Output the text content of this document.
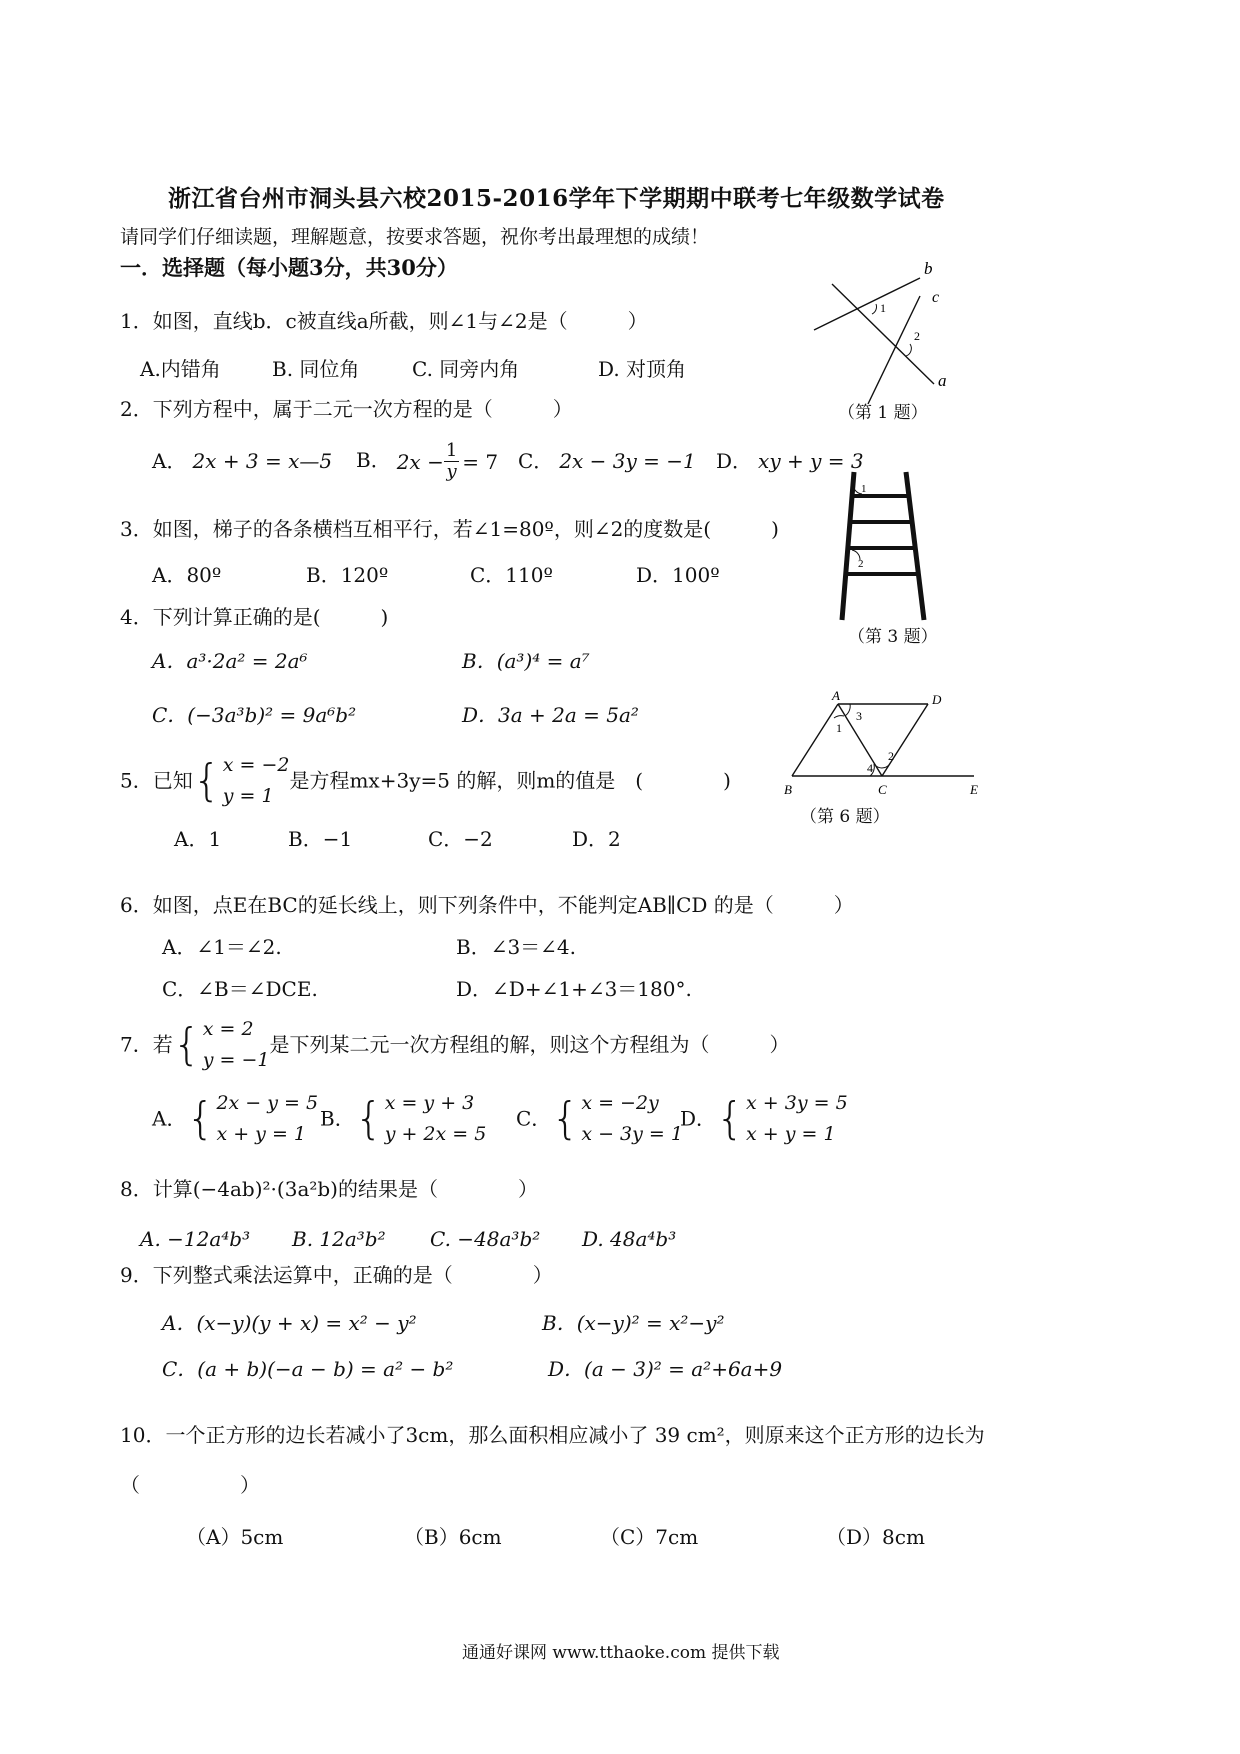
浙江省台州市洞头县六校2015-2016学年下学期期中联考七年级数学试卷
请同学们仔细读题，理解题意，按要求答题，祝你考出最理想的成绩！
一．选择题（每小题3分，共30分）
1．如图，直线b．c被直线a所截，则∠1与∠2是（　　　）
A.内错角	B. 同位角	C. 同旁内角	D. 对顶角
2．下列方程中，属于二元一次方程的是（　　　）
A． 2x + 3 = x—5 B． $2x - \frac{1}{y} = 7$ C． 2x − 3y = −1 D． xy + y = 3
3．如图，梯子的各条横档互相平行，若∠1=80º，则∠2的度数是(　　　)
A．80º	B．120º	C．110º	D．100º
4．下列计算正确的是(　　　)
A．a³·2a² = 2a⁶	B．(a³)⁴ = a⁷
C．(−3a³b)² = 9a⁶b²	D．3a + 2a = 5a²
5．已知{ x = −2
y = 1
是方程mx+3y=5 的解，则m的值是　(　　　　)
A．1	B．−1	C．−2	D．2
6．如图，点E在BC的延长线上，则下列条件中，不能判定AB∥CD 的是（　　　）
A．∠1＝∠2.	B．∠3＝∠4.
C．∠B＝∠DCE.	D．∠D+∠1+∠3＝180°.
7．若{ x = 2
y = −1
是下列某二元一次方程组的解，则这个方程组为（　　　）
A．{ 2x − y = 5
x + y = 1
B．{ x = y + 3
y + 2x = 5
C．{ x = −2y
x − 3y = 1
D．{ x + 3y = 5
x + y = 1
8．计算(−4ab)²·(3a²b)的结果是（　　　　）
A. −12a⁴b³ B. 12a³b² C. −48a³b² D. 48a⁴b³
9．下列整式乘法运算中，正确的是（　　　　）
A．(x−y)(y + x) = x² − y²	B．(x−y)² = x²−y²
C．(a + b)(−a − b) = a² − b²	D．(a − 3)² = a²+6a+9
10．一个正方形的边长若减小了3cm，那么面积相应减小了 39 cm²，则原来这个正方形的边长为
（　　　　　）
（A）5cm	（B）6cm	（C）7cm	（D）8cm
b
c
a
1
2
（第 1 题）
1
2
（第 3 题）
A	D
B	C	E
1
3
4
2
（第 6 题）
通通好课网 www.tthaoke.com 提供下载
